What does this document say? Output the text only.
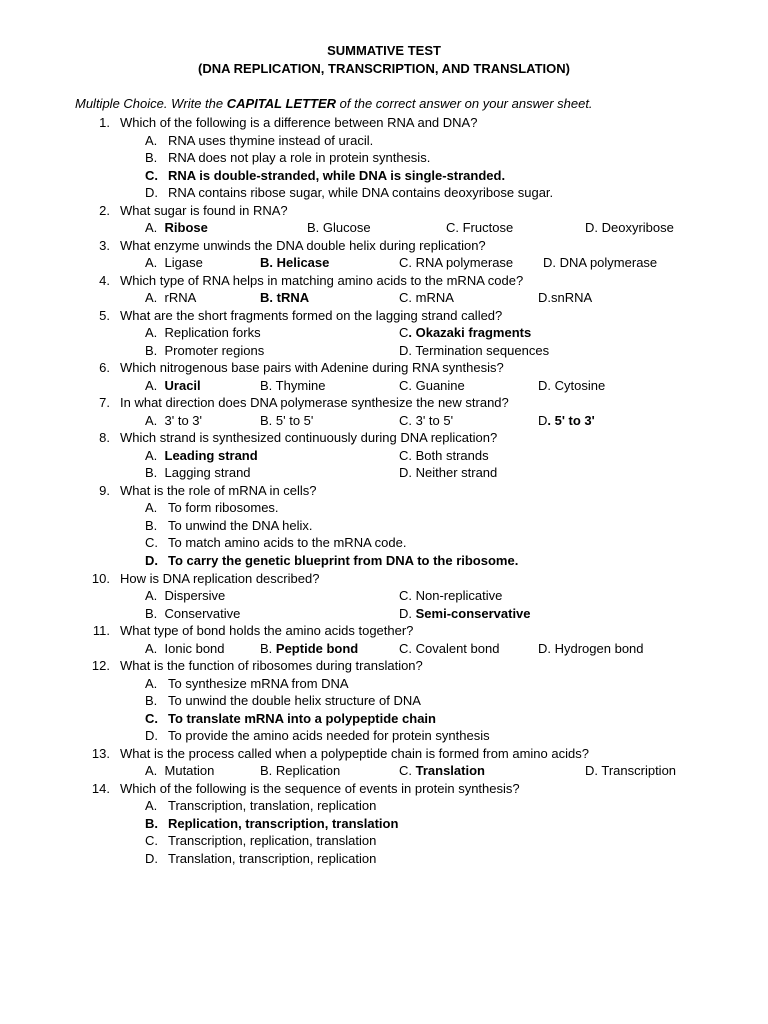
SUMMATIVE TEST
(DNA REPLICATION, TRANSCRIPTION, AND TRANSLATION)
Multiple Choice. Write the CAPITAL LETTER of the correct answer on your answer sheet.
1. Which of the following is a difference between RNA and DNA?
A. RNA uses thymine instead of uracil.
B. RNA does not play a role in protein synthesis.
C. RNA is double-stranded, while DNA is single-stranded.
D. RNA contains ribose sugar, while DNA contains deoxyribose sugar.
2. What sugar is found in RNA?
A.  Ribose	B. Glucose	C. Fructose	D. Deoxyribose
3. What enzyme unwinds the DNA double helix during replication?
A.  Ligase	B. Helicase	C. RNA polymerase D. DNA polymerase
4. Which type of RNA helps in matching amino acids to the mRNA code?
A.  rRNA	B. tRNA	C. mRNA	D.snRNA
5. What are the short fragments formed on the lagging strand called?
A.  Replication forks	C. Okazaki fragments
B.  Promoter regions	D. Termination sequences
6. Which nitrogenous base pairs with Adenine during RNA synthesis?
A.  Uracil	B. Thymine	C. Guanine	D. Cytosine
7. In what direction does DNA polymerase synthesize the new strand?
A.  3' to 3'	B. 5' to 5'	C. 3' to 5'	D. 5' to 3'
8. Which strand is synthesized continuously during DNA replication?
A.  Leading strand	C. Both strands
B.  Lagging strand	D. Neither strand
9. What is the role of mRNA in cells?
A. To form ribosomes.
B. To unwind the DNA helix.
C. To match amino acids to the mRNA code.
D. To carry the genetic blueprint from DNA to the ribosome.
10. How is DNA replication described?
A.  Dispersive	C. Non-replicative
B.  Conservative	D. Semi-conservative
11. What type of bond holds the amino acids together?
A.  Ionic bond	B. Peptide bond	C. Covalent bond	D. Hydrogen bond
12. What is the function of ribosomes during translation?
A. To synthesize mRNA from DNA
B. To unwind the double helix structure of DNA
C. To translate mRNA into a polypeptide chain
D. To provide the amino acids needed for protein synthesis
13. What is the process called when a polypeptide chain is formed from amino acids?
A.  Mutation	B. Replication	C. Translation	D. Transcription
14. Which of the following is the sequence of events in protein synthesis?
A. Transcription, translation, replication
B. Replication, transcription, translation
C. Transcription, replication, translation
D. Translation, transcription, replication
